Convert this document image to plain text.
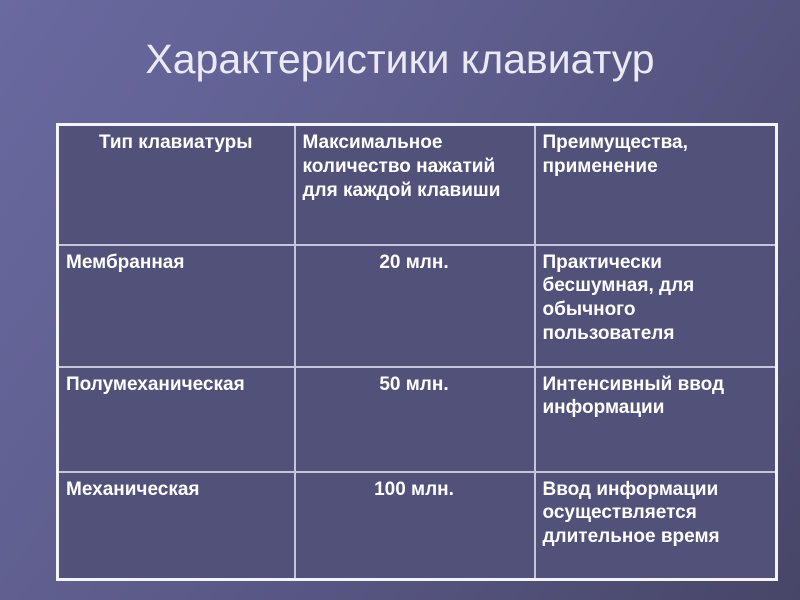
Характеристики клавиатур
Тип клавиатуры	Максимальное количество нажатий для каждой клавиши	Преимущества, применение
Мембранная	20 млн.	Практически бесшумная, для обычного пользователя
Полумеханическая	50 млн.	Интенсивный ввод информации
Механическая	100 млн.	Ввод информации осуществляется длительное время
